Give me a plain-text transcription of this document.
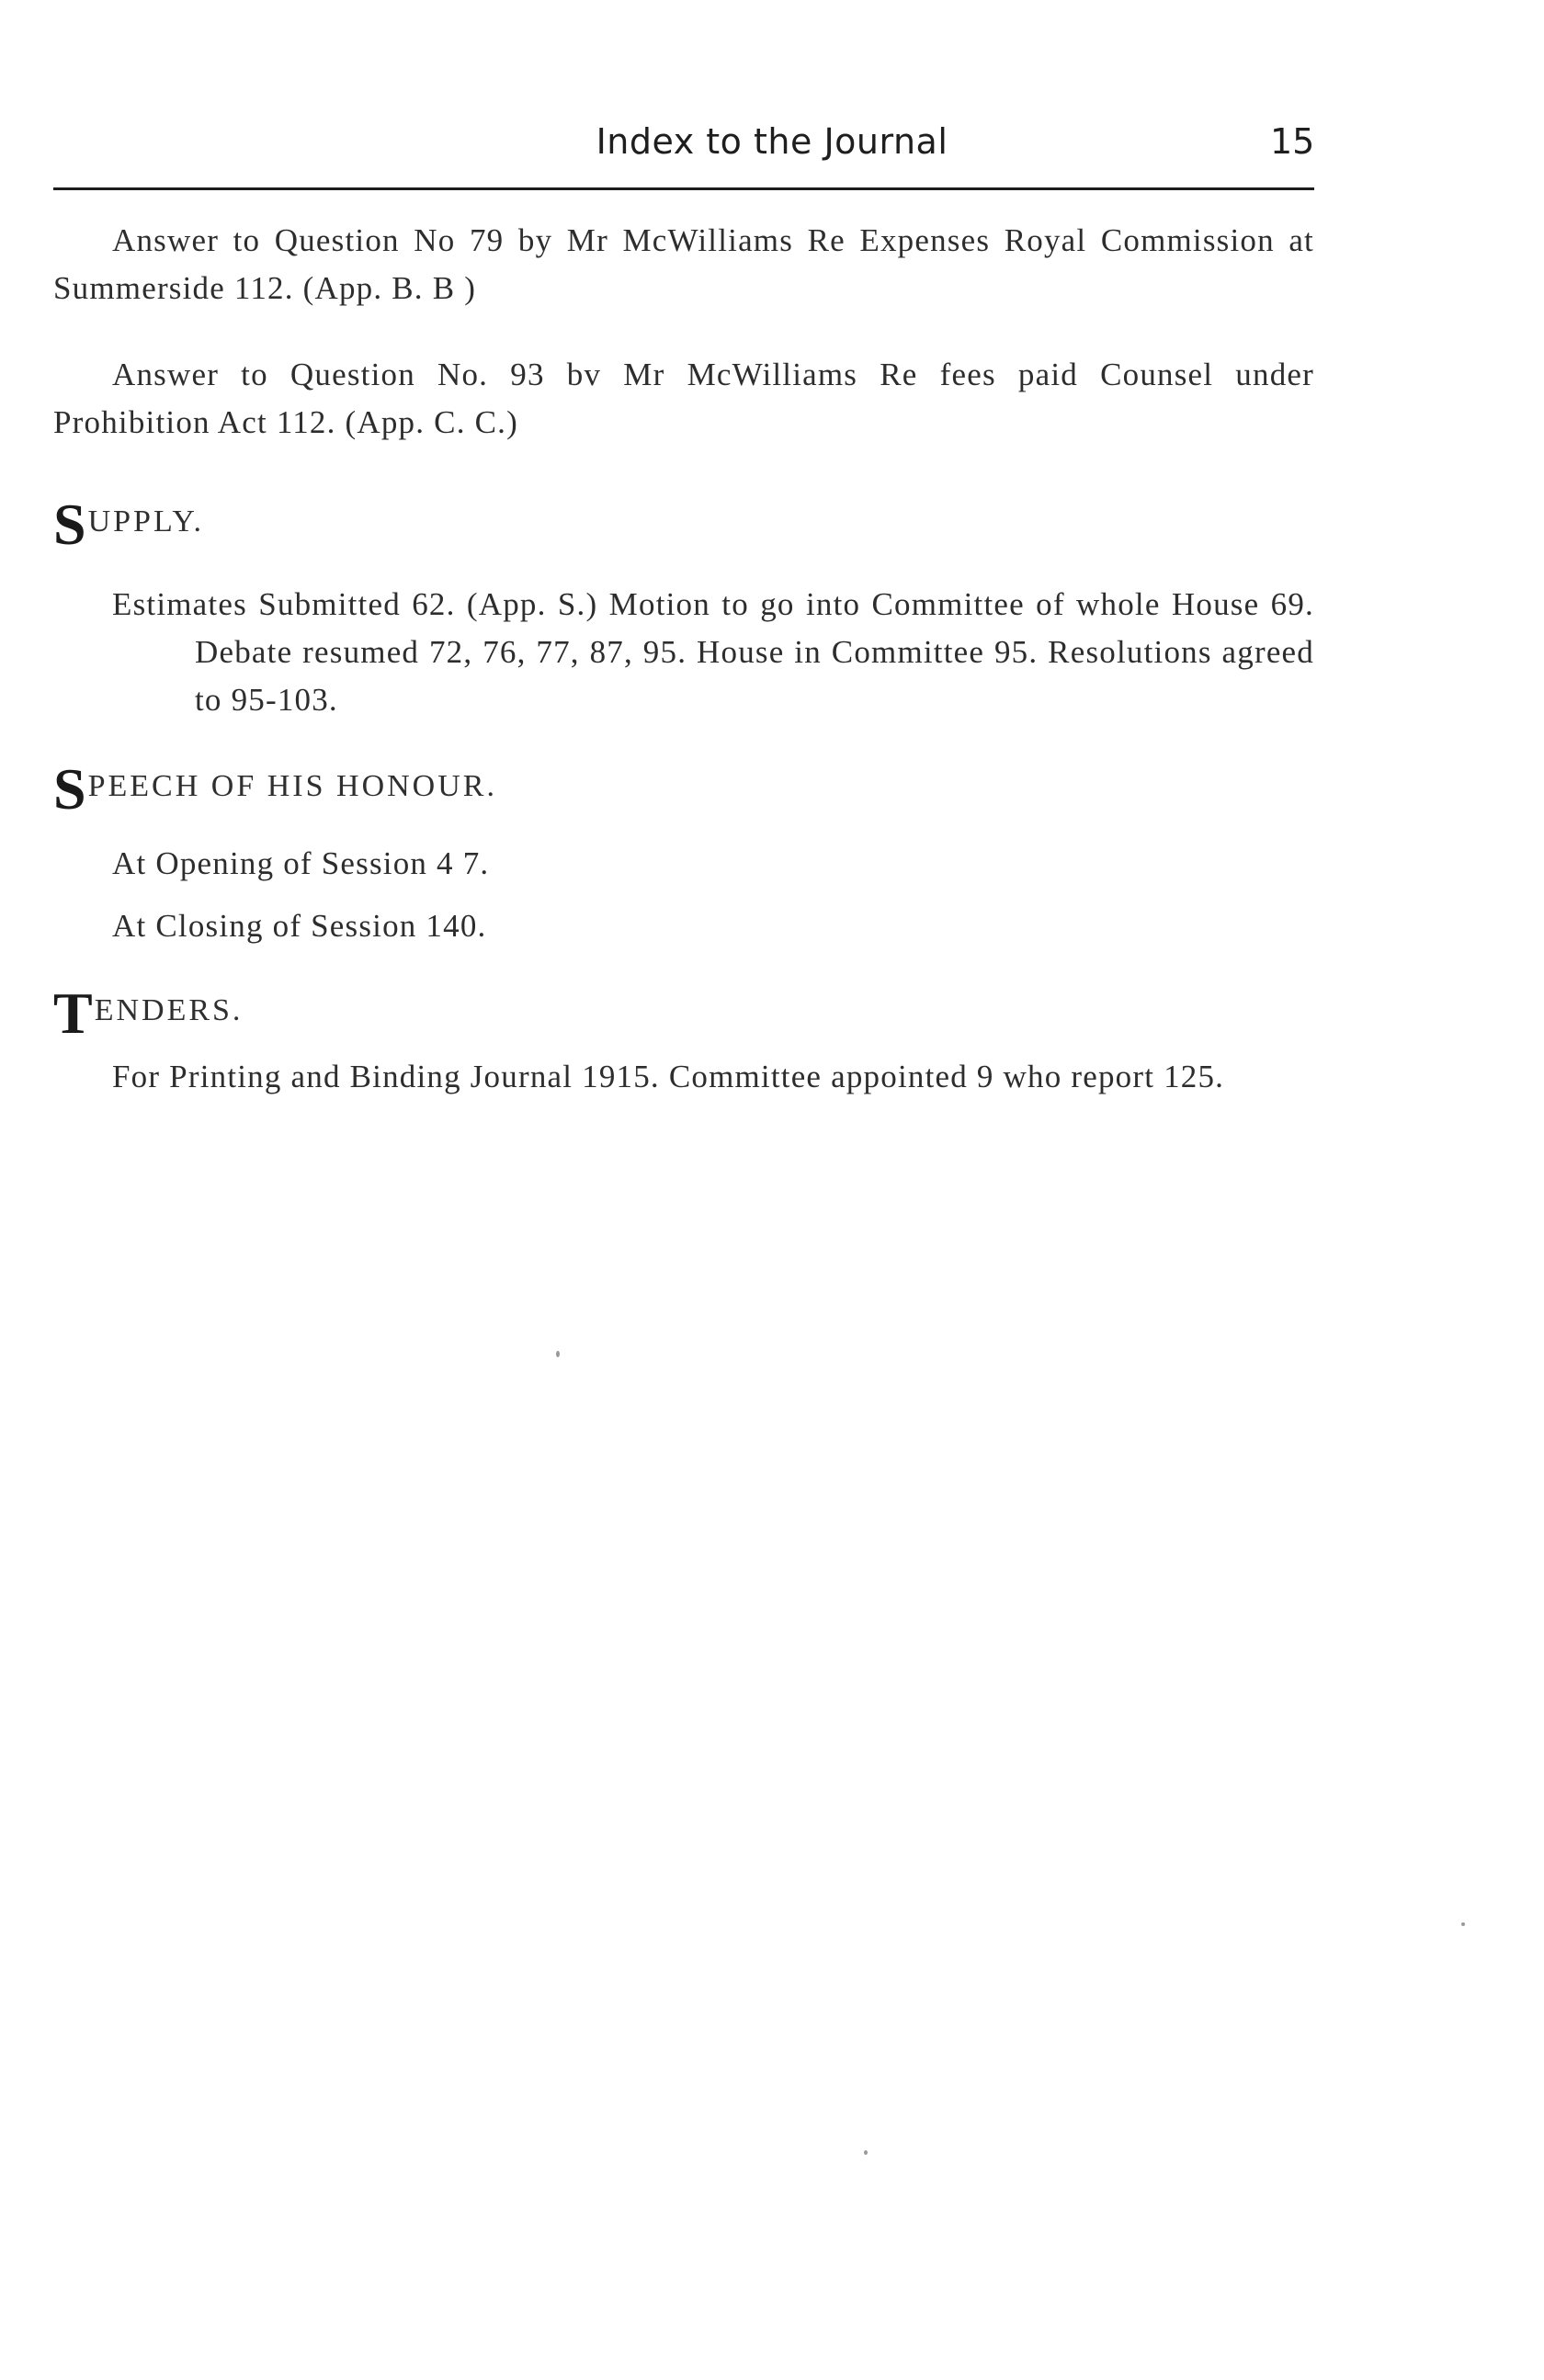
Index to the Journal	15

Answer to Question No 79 by Mr McWilliams Re Expenses Royal Commission at Summerside 112. (App. B. B )

Answer to Question No. 93 bv Mr McWilliams Re fees paid Counsel under Prohibition Act 112. (App. C. C.)

SUPPLY.

Estimates Submitted 62. (App. S.) Motion to go into Committee of whole House 69. Debate resumed 72, 76, 77, 87, 95. House in Committee 95. Resolutions agreed to 95-103.

SPEECH OF HIS HONOUR.

At Opening of Session 4 7.

At Closing of Session 140.

TENDERS.

For Printing and Binding Journal 1915. Committee appointed 9 who report 125.
